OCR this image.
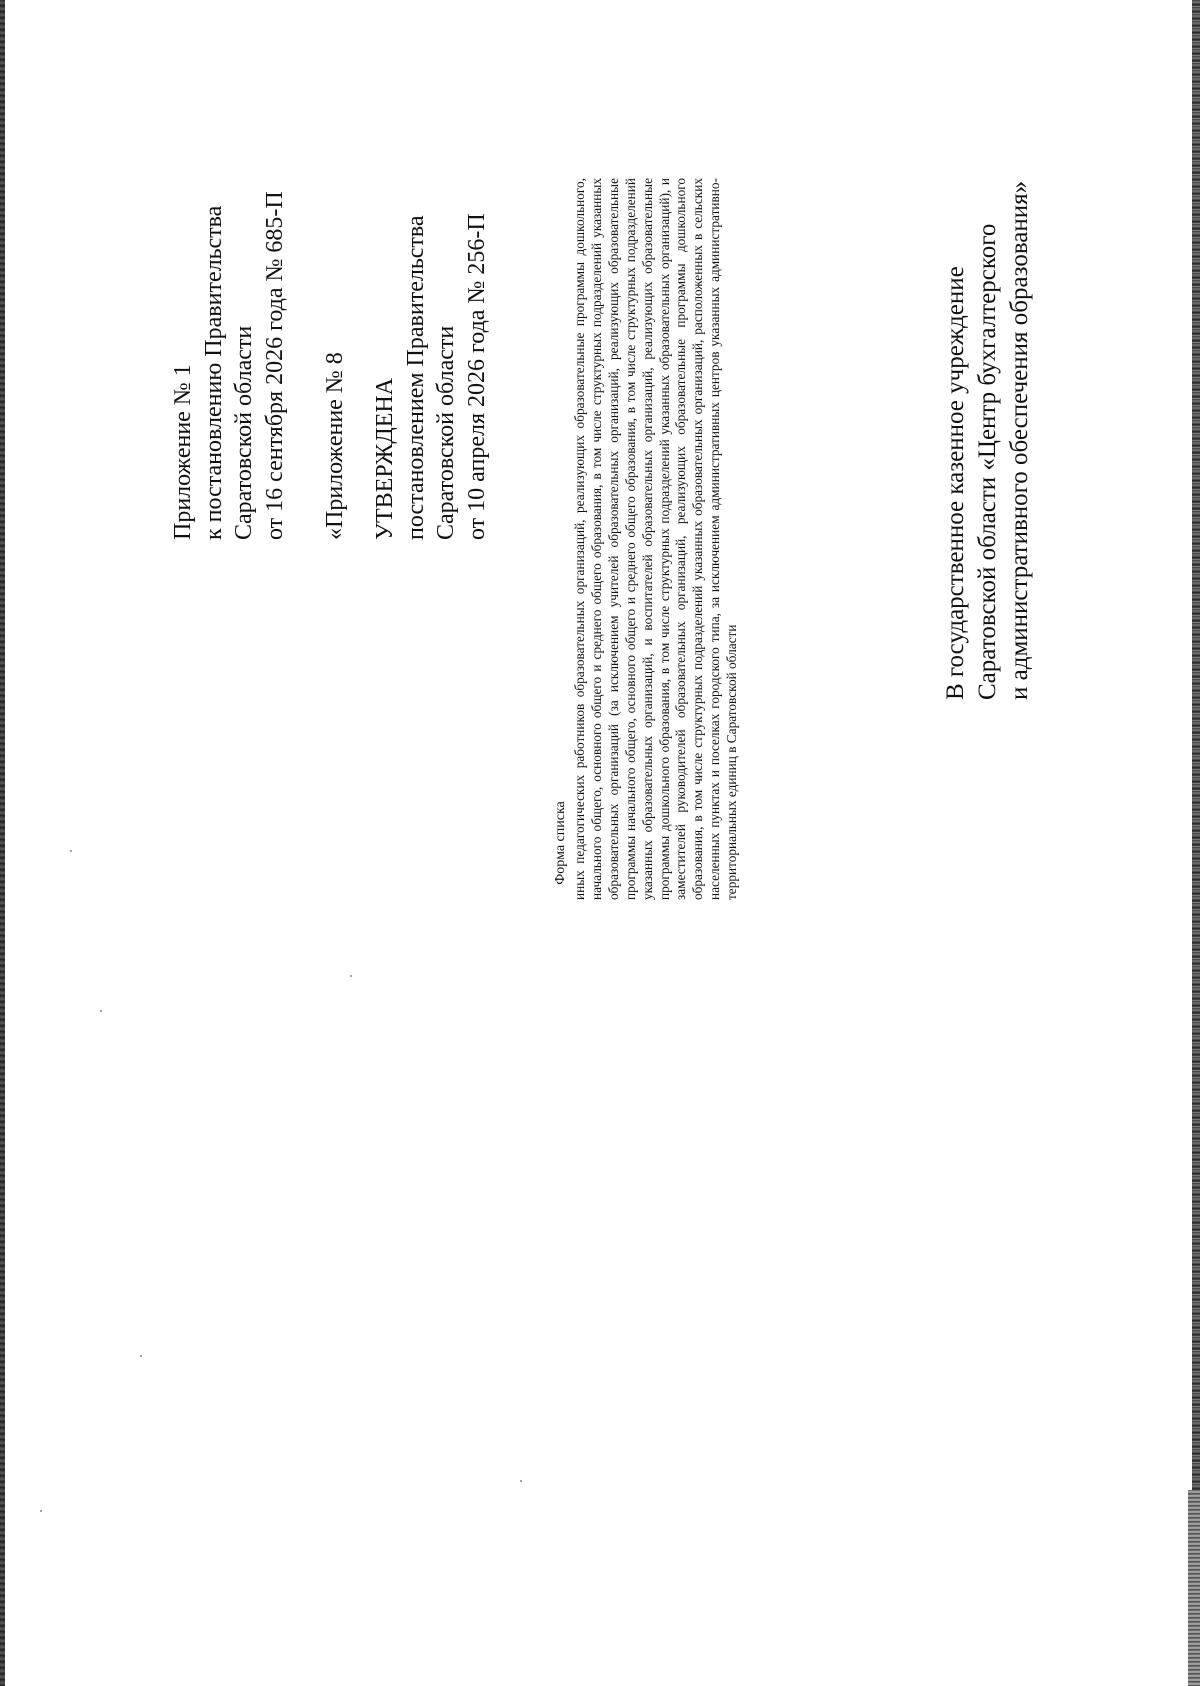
Приложение № 1 к постановлению Правительства Саратовской области от 16 сентября 2026 года № 685-П «Приложение № 8 УТВЕРЖДЕНА постановлением Правительства Саратовской области от 10 апреля 2026 года № 256-П
Форма списка иных педагогических работников образовательных организаций, реализующих образовательные программы дошкольного, начального общего, основного общего и среднего общего образования, в том числе структурных подразделений указанных образовательных организаций (за исключением учителей образовательных организаций, реализующих образовательные программы начального общего, основного общего и среднего общего образования, в том числе структурных подразделений указанных образовательных организаций, и воспитателей образовательных организаций, реализующих образовательные программы дошкольного образования, в том числе структурных подразделений указанных образовательных организаций), и заместителей руководителей образовательных организаций, реализующих образовательные программы дошкольного образования, в том числе структурных подразделений указанных образовательных организаций, расположенных в сельских населенных пунктах и поселках городского типа, за исключением административных центров указанных административно-территориальных единиц в Саратовской области
В государственное казенное учреждение Саратовской области «Центр бухгалтерского и административного обеспечения образования»
